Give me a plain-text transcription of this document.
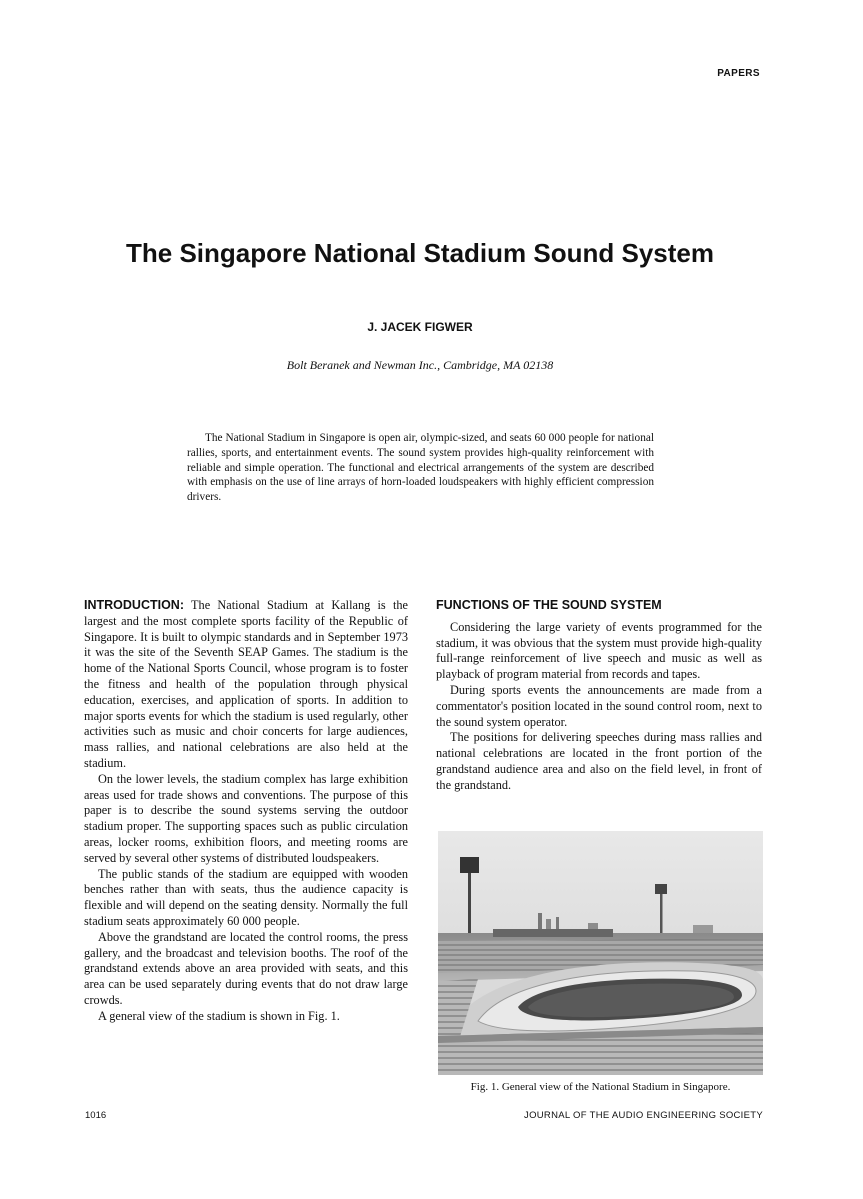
PAPERS
The Singapore National Stadium Sound System
J. JACEK FIGWER
Bolt Beranek and Newman Inc., Cambridge, MA 02138

The National Stadium in Singapore is open air, olympic-sized, and seats 60 000 people for national rallies, sports, and entertainment events. The sound system provides high-quality reinforcement with reliable and simple operation. The functional and electrical arrangements of the system are described with emphasis on the use of line arrays of horn-loaded loudspeakers with highly efficient compression drivers.

INTRODUCTION: The National Stadium at Kallang is the largest and the most complete sports facility of the Republic of Singapore. It is built to olympic standards and in September 1973 it was the site of the Seventh SEAP Games. The stadium is the home of the National Sports Council, whose program is to foster the fitness and health of the population through physical education, exercises, and application of sports. In addition to major sports events for which the stadium is used regularly, other activities such as music and choir concerts for large audiences, mass rallies, and national celebrations are also held at the stadium.

On the lower levels, the stadium complex has large exhibition areas used for trade shows and conventions. The purpose of this paper is to describe the sound systems serving the outdoor stadium proper. The supporting spaces such as public circulation areas, locker rooms, exhibition floors, and meeting rooms are served by several other systems of distributed loudspeakers.

The public stands of the stadium are equipped with wooden benches rather than with seats, thus the audience capacity is flexible and will depend on the seating density. Normally the full stadium seats approximately 60 000 people.

Above the grandstand are located the control rooms, the press gallery, and the broadcast and television booths. The roof of the grandstand extends above an area provided with seats, and this area can be used separately during events that do not draw large crowds.

A general view of the stadium is shown in Fig. 1.

FUNCTIONS OF THE SOUND SYSTEM

Considering the large variety of events programmed for the stadium, it was obvious that the system must provide high-quality full-range reinforcement of live speech and music as well as playback of program material from records and tapes.

During sports events the announcements are made from a commentator's position located in the sound control room, next to the sound system operator.

The positions for delivering speeches during mass rallies and national celebrations are located in the front portion of the grandstand audience area and also on the field level, in front of the grandstand.

Fig. 1. General view of the National Stadium in Singapore.
1016	JOURNAL OF THE AUDIO ENGINEERING SOCIETY
